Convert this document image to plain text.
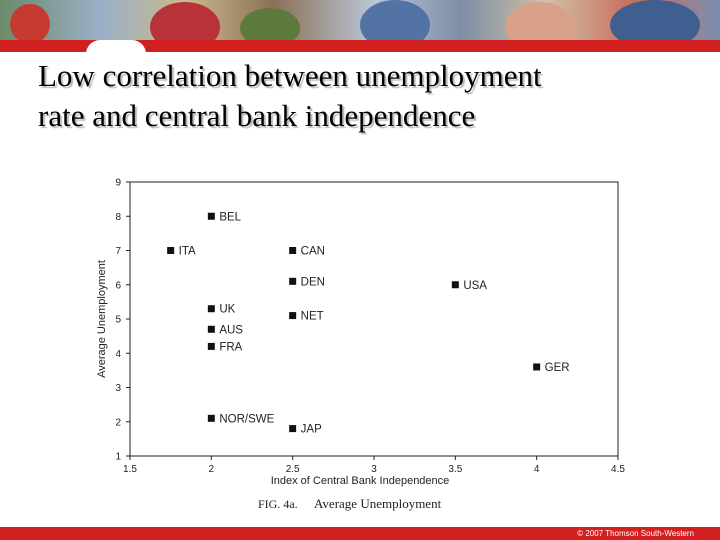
Low correlation between unemployment
rate and central bank independence
1.5	2	2.5	3	3.5	4	4.5
1
2
3
4
5
6
7
8
9
BEL
ITA	CAN
DEN	USA
UK
NET
AUS
FRA
GER
NOR/SWE
JAP
Index of Central Bank Independence
Average Unemployment
FIG. 4a. Average Unemployment
© 2007 Thomson South-Western
